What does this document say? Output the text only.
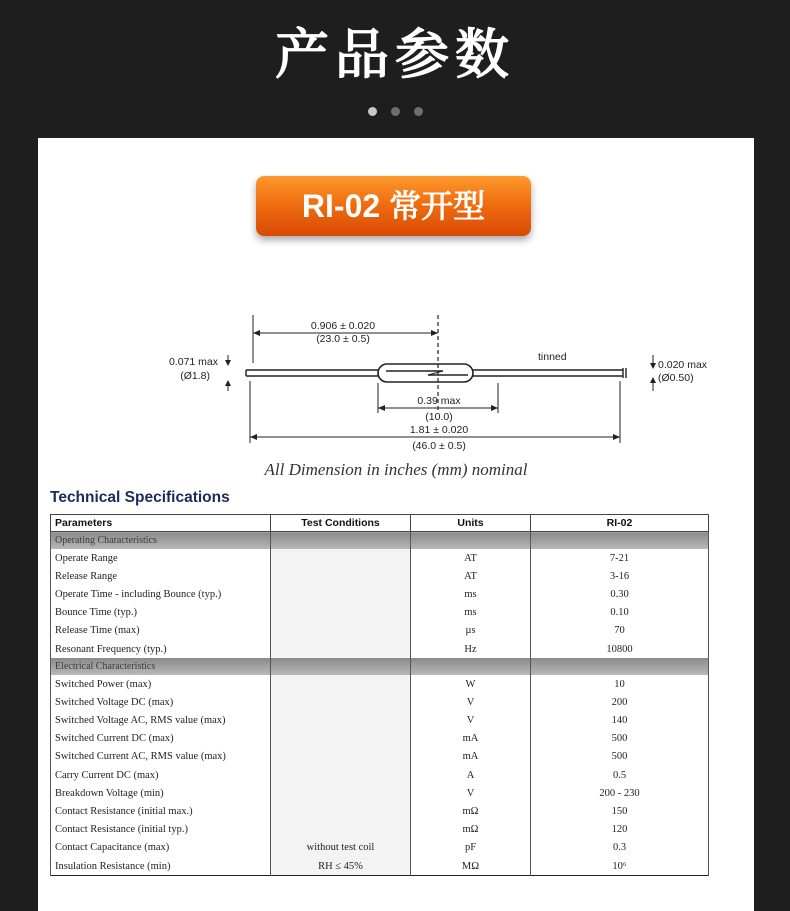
产品参数
RI-02 常开型
0.906 ± 0.020
(23.0 ± 0.5)
0.071 max
(Ø1.8)
tinned
0.020 max
(Ø0.50)
0.39 max
(10.0)
1.81 ± 0.020
(46.0 ± 0.5)
All Dimension in inches (mm) nominal
Technical Specifications
Parameters	Test Conditions	Units	RI-02
Operating Characteristics			
Operate Range		AT	7-21
Release Range		AT	3-16
Operate Time - including Bounce (typ.)		ms	0.30
Bounce Time (typ.)		ms	0.10
Release Time (max)		µs	70
Resonant Frequency (typ.)		Hz	10800
Electrical Characteristics			
Switched Power (max)		W	10
Switched Voltage DC (max)		V	200
Switched Voltage AC, RMS value (max)		V	140
Switched Current DC (max)		mA	500
Switched Current AC, RMS value (max)		mA	500
Carry Current DC (max)		A	0.5
Breakdown Voltage (min)		V	200 - 230
Contact Resistance (initial max.)		mΩ	150
Contact Resistance (initial typ.)		mΩ	120
Contact Capacitance (max)	without test coil	pF	0.3
Insulation Resistance (min)	RH ≤ 45%	MΩ	10⁶
